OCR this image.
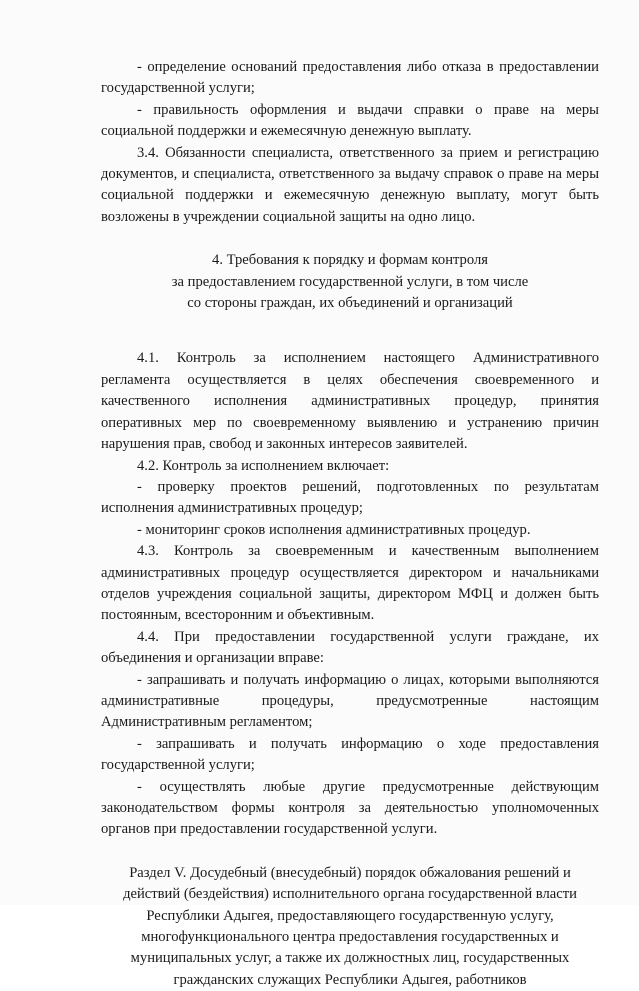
- определение оснований предоставления либо отказа в предоставлении государственной услуги;

- правильность оформления и выдачи справки о праве на меры социальной поддержки и ежемесячную денежную выплату.

3.4. Обязанности специалиста, ответственного за прием и регистрацию документов, и специалиста, ответственного за выдачу справок о праве на меры социальной поддержки и ежемесячную денежную выплату, могут быть возложены в учреждении социальной защиты на одно лицо.

4. Требования к порядку и формам контроля
за предоставлением государственной услуги, в том числе
со стороны граждан, их объединений и организаций

4.1. Контроль за исполнением настоящего Административного регламента осуществляется в целях обеспечения своевременного и качественного исполнения административных процедур, принятия оперативных мер по своевременному выявлению и устранению причин нарушения прав, свобод и законных интересов заявителей.

4.2. Контроль за исполнением включает:

- проверку проектов решений, подготовленных по результатам исполнения административных процедур;

- мониторинг сроков исполнения административных процедур.

4.3. Контроль за своевременным и качественным выполнением административных процедур осуществляется директором и начальниками отделов учреждения социальной защиты, директором МФЦ и должен быть постоянным, всесторонним и объективным.

4.4. При предоставлении государственной услуги граждане, их объединения и организации вправе:

- запрашивать и получать информацию о лицах, которыми выполняются административные процедуры, предусмотренные настоящим Административным регламентом;

- запрашивать и получать информацию о ходе предоставления государственной услуги;

- осуществлять любые другие предусмотренные действующим законодательством формы контроля за деятельностью уполномоченных органов при предоставлении государственной услуги.

Раздел V. Досудебный (внесудебный) порядок обжалования решений и
действий (бездействия) исполнительного органа государственной власти
Республики Адыгея, предоставляющего государственную услугу,
многофункционального центра предоставления государственных и
муниципальных услуг, а также их должностных лиц, государственных
гражданских служащих Республики Адыгея, работников
